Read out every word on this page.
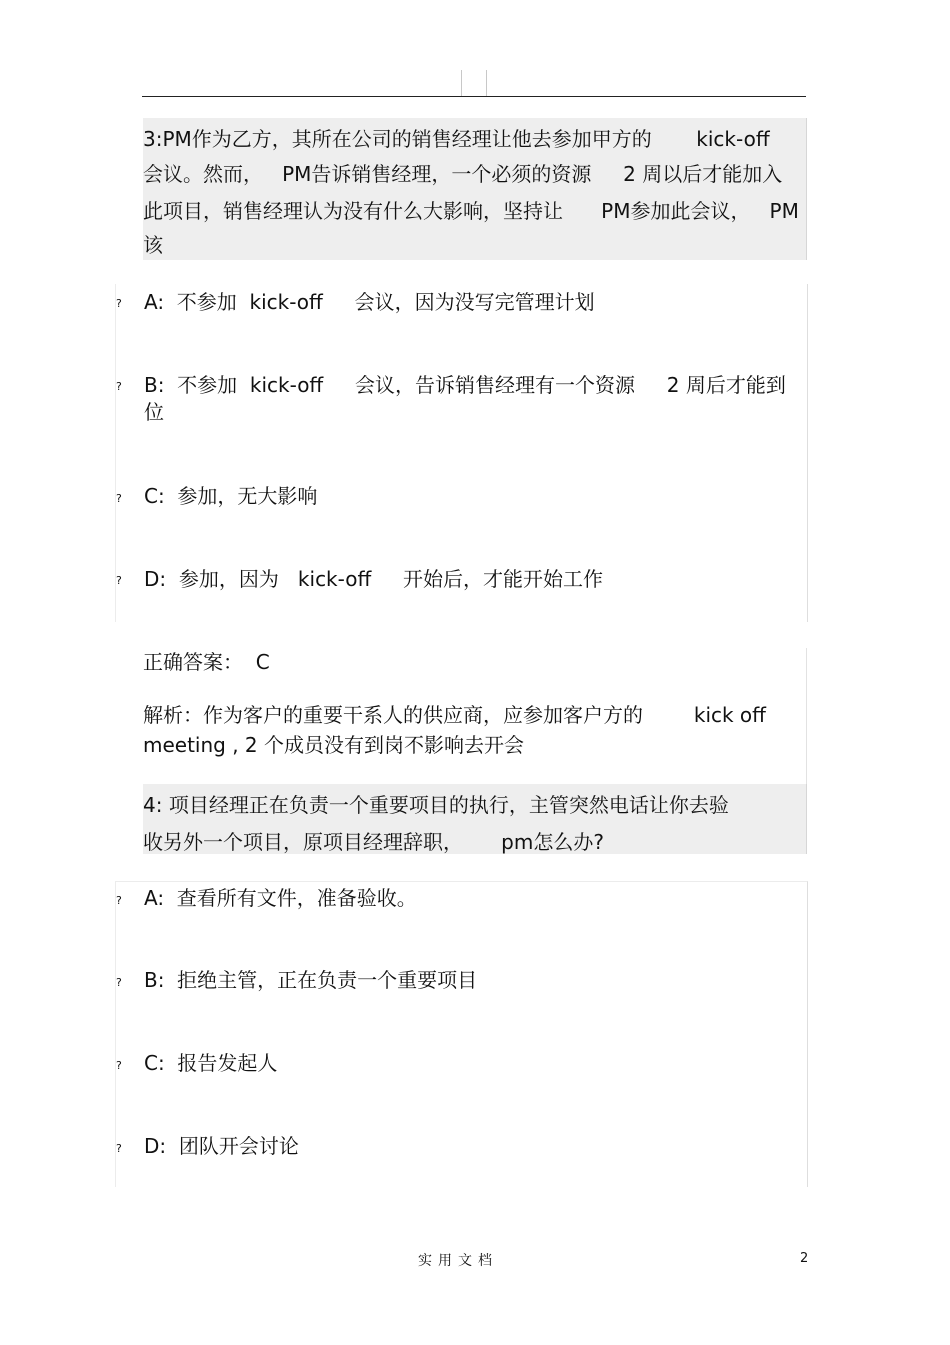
3:PM作为乙方，其所在公司的销售经理让他去参加甲方的       kick-off
会议。然而，   PM告诉销售经理，一个必须的资源     2 周以后才能加入
此项目，销售经理认为没有什么大影响，坚持让      PM参加此会议，   PM
该
? A:  不参加  kick-off     会议，因为没写完管理计划
? B:  不参加  kick-off     会议，告诉销售经理有一个资源     2 周后才能到
位
? C:  参加，无大影响
? D:  参加，因为   kick-off     开始后，才能开始工作
正确答案：  C
解析：作为客户的重要干系人的供应商，应参加客户方的        kick off
meeting , 2 个成员没有到岗不影响去开会
4: 项目经理正在负责一个重要项目的执行，主管突然电话让你去验
收另外一个项目，原项目经理辞职，      pm怎么办?
? A:  查看所有文件，准备验收。
? B:  拒绝主管，正在负责一个重要项目
? C:  报告发起人
? D:  团队开会讨论
实用文档	2
